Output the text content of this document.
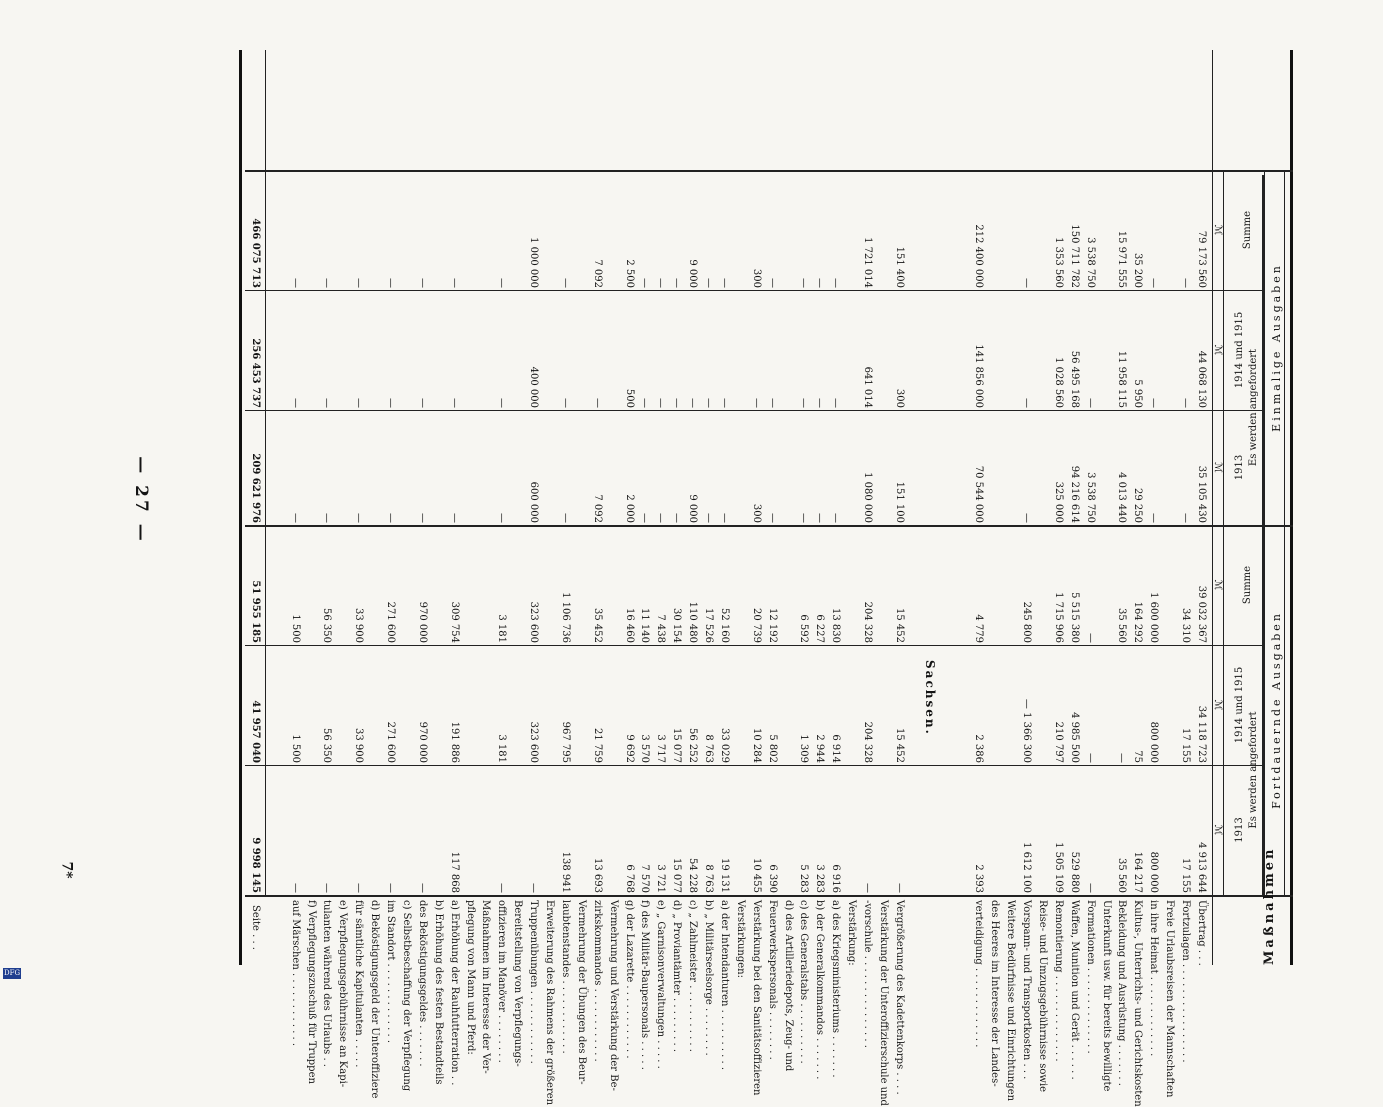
— 27 —
Maßnahmen
Fortdauernde Ausgaben
Einmalige Ausgaben
Es werden angefordert
Es werden angefordert
1913
1914 und 1915
Summe
1913
1914 und 1915
Summe
ℳ
ℳ
ℳ
ℳ
ℳ
ℳ
Übertrag . . .
4 913 644
34 118 723
39 032 367
35 105 430
44 068 130
79 173 560
Fortzulagen . . . . . . . . . . . . . . . .
17 155
17 155
34 310
—
—
—
Freie Urlaubsreisen der Mannschaften
in ihre Heimat . . . . . . . . . . . . .
800 000
800 000
1 600 000
—
—
—
Kultus-, Unterrichts- und Gerichtskosten
164 217
75
164 292
29 250
5 950
35 200
Bekleidung und Ausrüstung . . . . . . .
35 560
—
35 560
4 013 440
11 958 115
15 971 555
Unterkunft usw. für bereits bewilligte
Formationen . . . . . . . . . . . . . .
—
—
—
3 538 750
—
3 538 750
Waffen, Munition und Gerät . . . . . .
529 880
4 985 500
5 515 380
94 216 614
56 495 168
150 711 782
Remontierung . . . . . . . . . . . . . .
1 505 109
210 797
1 715 906
325 000
1 028 560
1 353 560
Reise- und Umzugsgebührnisse sowie
Vorspann- und Transportkosten . . .
1 612 100
— 1 366 300
245 800
—
—
—
Weitere Bedürfnisse und Einrichtungen
des Heeres im Interesse der Landes-
verteidigung . . . . . . . . . . . . .
2 393
2 386
4 779
70 544 000
141 856 000
212 400 000
Sachsen.
Vergrößerung des Kadettenkorps . . . .
—
15 452
15 452
151 100
300
151 400
Verstärkung der Unteroffizierschule und
-vorschule . . . . . . . . . . . . . . .
—
204 328
204 328
1 080 000
641 014
1 721 014
Verstärkung:
a) des Kriegsministeriums . . . . . . .
6 916
6 914
13 830
—
—
—
b) der Generalkommandos . . . . . . .
3 283
2 944
6 227
—
—
—
c) des Generalstabs . . . . . . . . . .
5 283
1 309
6 592
—
—
—
d) des Artilleriedepots, Zeug- und
Feuerwerkspersonals . . . . . . . .
6 390
5 802
12 192
—
—
—
Verstärkung bei den Sanitätsoffizieren
10 455
10 284
20 739
300
—
300
Verstärkungen:
a) der Intendanturen . . . . . . . . . .
19 131
33 029
52 160
—
—
—
b) „ Militärseelsorge . . . . . . . .
8 763
8 763
17 526
—
—
—
c) „ Zahlmeister . . . . . . . . . . .
54 228
56 252
110 480
9 000
—
9 000
d) „ Proviantämter . . . . . . . . .
15 077
15 077
30 154
—
—
—
e) „ Garnisonverwaltungen . . . . .
3 721
3 717
7 438
—
—
—
f) des Militär-Baupersonals . . . . .
7 570
3 570
11 140
—
—
—
g) der Lazarette . . . . . . . . . . . .
6 768
9 692
16 460
2 000
500
2 500
Vermehrung und Verstärkung der Be-
zirkskommandos . . . . . . . . . . . .
13 693
21 759
35 452
7 092
—
7 092
Vermehrung der Übungen des Beur-
laubtenstandes . . . . . . . . . . . .
138 941
967 795
1 106 736
—
—
—
Erweiterung des Rahmens der größeren
Truppenübungen . . . . . . . . . . . .
—
323 600
323 600
600 000
400 000
1 000 000
Bereitstellung von Verpflegungs-
offizieren im Manöver . . . . . . . .
—
3 181
3 181
—
—
—
Maßnahmen im Interesse der Ver-
pflegung von Mann und Pferd:
a) Erhöhung der Rauhfutterration . .
117 868
191 886
309 754
—
—
—
b) Erhöhung des festen Bestandteils
des Beköstigungsgeldes . . . . . . .
—
970 000
970 000
—
—
—
c) Selbstbeschaffung der Verpflegung
im Standort . . . . . . . . . . . . .
—
271 600
271 600
—
—
—
d) Beköstigungsgeld der Unteroffiziere
für sämtliche Kapitulanten . . . . .
—
33 900
33 900
—
—
—
e) Verpflegungsgebührnisse an Kapi-
tulanten während des Urlaubs . .
—
56 350
56 350
—
—
—
f) Verpflegungszuschuß für Truppen
auf Märschen . . . . . . . . . . . .
—
1 500
1 500
—
—
—
Seite . . .
9 998 145
41 957 040
51 955 185
209 621 976
256 453 737
466 075 713
DFG
7*
